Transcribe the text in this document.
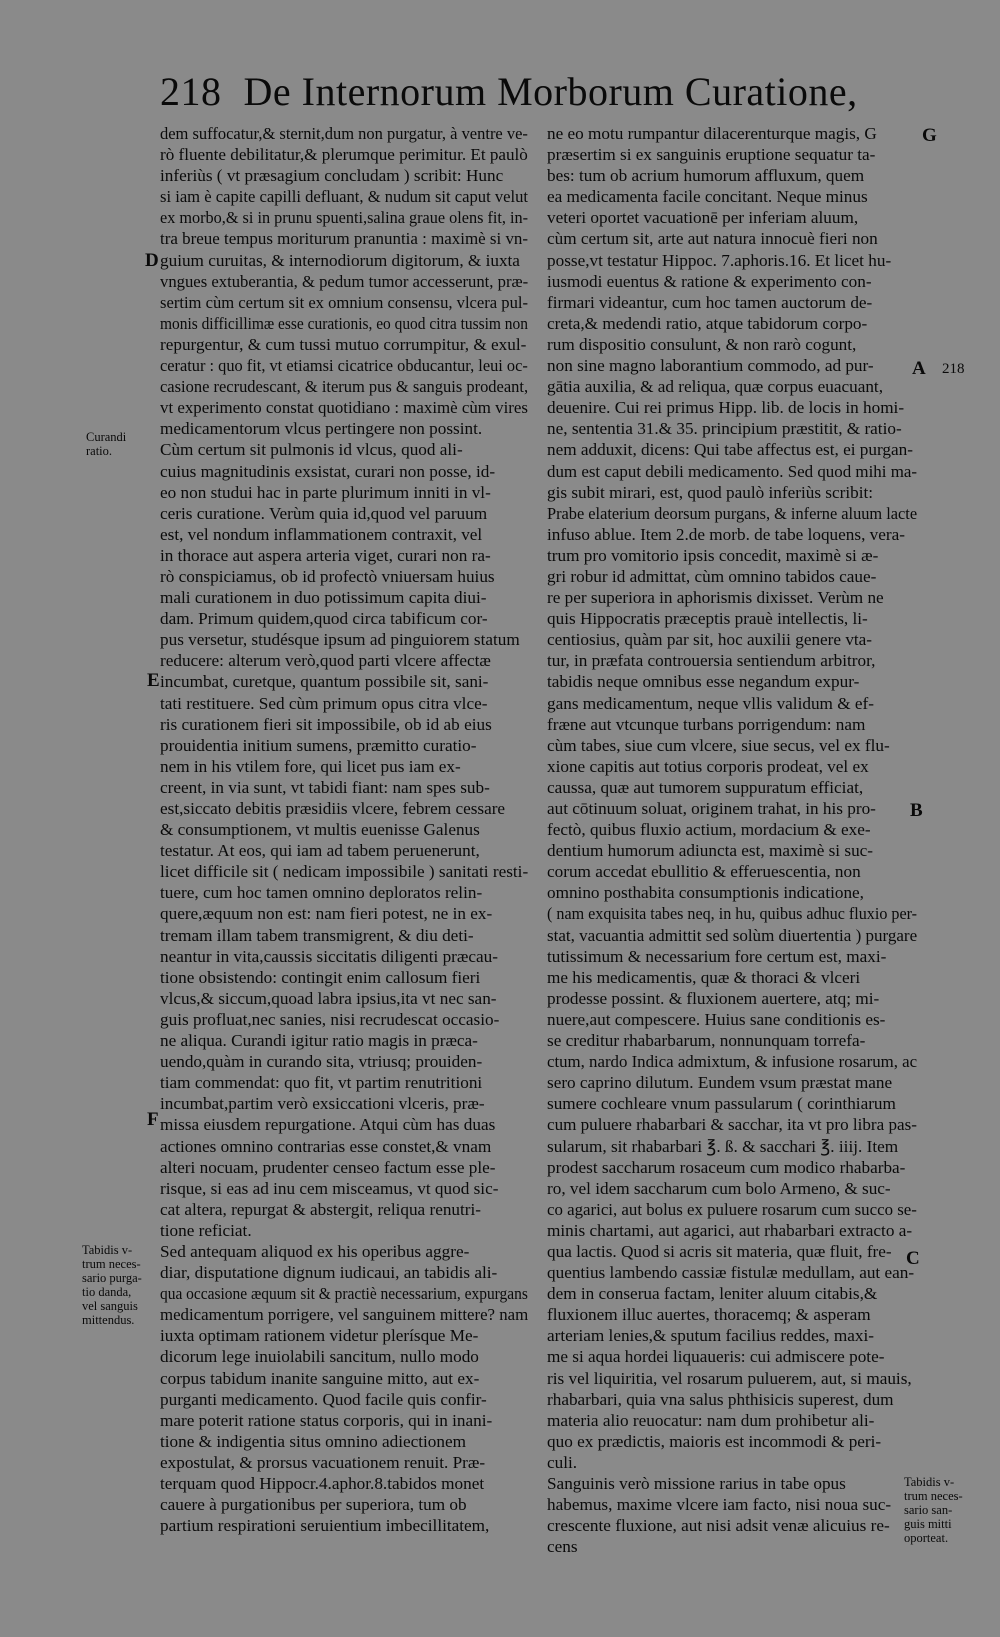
218 De Internorum Morborum Curatione,
dem suffocatur,& sternit,dum non purgatur, à ventre ve-
rò fluente debilitatur,& plerumque perimitur. Et paulò
inferiùs ( vt præsagium concludam ) scribit: Hunc
si iam è capite capilli defluant, & nudum sit caput velut
ex morbo,& si in prunu spuenti,salina graue olens fit, in-
tra breue tempus moriturum pranuntia : maximè si vn-
guium curuitas, & internodiorum digitorum, & iuxta
vngues extuberantia, & pedum tumor accesserunt, præ-
sertim cùm certum sit ex omnium consensu, vlcera pul-
monis difficillimæ esse curationis, eo quod citra tussim non
repurgentur, & cum tussi mutuo corrumpitur, & exul-
ceratur : quo fit, vt etiamsi cicatrice obducantur, leui oc-
casione recrudescant, & iterum pus & sanguis prodeant,
vt experimento constat quotidiano : maximè cùm vires
medicamentorum vlcus pertingere non possint.
Cùm certum sit pulmonis id vlcus, quod ali-
cuius magnitudinis exsistat, curari non posse, id-
eo non studui hac in parte plurimum inniti in vl-
ceris curatione. Verùm quia id,quod vel paruum
est, vel nondum inflammationem contraxit, vel
in thorace aut aspera arteria viget, curari non ra-
rò conspiciamus, ob id profectò vniuersam huius
mali curationem in duo potissimum capita diui-
dam. Primum quidem,quod circa tabificum cor-
pus versetur, studésque ipsum ad pinguiorem statum
reducere: alterum verò,quod parti vlcere affectæ
incumbat, curetque, quantum possibile sit, sani-
tati restituere. Sed cùm primum opus citra vlce-
ris curationem fieri sit impossibile, ob id ab eius
prouidentia initium sumens, præmitto curatio-
nem in his vtilem fore, qui licet pus iam ex-
creent, in via sunt, vt tabidi fiant: nam spes sub-
est,siccato debitis præsidiis vlcere, febrem cessare
& consumptionem, vt multis euenisse Galenus
testatur. At eos, qui iam ad tabem peruenerunt,
licet difficile sit ( nedicam impossibile ) sanitati resti-
tuere, cum hoc tamen omnino deploratos relin-
quere,æquum non est: nam fieri potest, ne in ex-
tremam illam tabem transmigrent, & diu deti-
neantur in vita,caussis siccitatis diligenti præcau-
tione obsistendo: contingit enim callosum fieri
vlcus,& siccum,quoad labra ipsius,ita vt nec san-
guis profluat,nec sanies, nisi recrudescat occasio-
ne aliqua. Curandi igitur ratio magis in præca-
uendo,quàm in curando sita, vtriusq; prouiden-
tiam commendat: quo fit, vt partim renutritioni
incumbat,partim verò exsiccationi vlceris, præ-
missa eiusdem repurgatione. Atqui cùm has duas
actiones omnino contrarias esse constet,& vnam
alteri nocuam, prudenter censeo factum esse ple-
risque, si eas ad inu cem misceamus, vt quod sic-
cat altera, repurgat & abstergit, reliqua renutri-
tione reficiat.
Sed antequam aliquod ex his operibus aggre-
diar, disputatione dignum iudicaui, an tabidis ali-
qua occasione æquum sit & practiè necessarium, expurgans
medicamentum porrigere, vel sanguinem mittere? nam
iuxta optimam rationem videtur plerísque Me-
dicorum lege inuiolabili sancitum, nullo modo
corpus tabidum inanite sanguine mitto, aut ex-
purganti medicamento. Quod facile quis confir-
mare poterit ratione status corporis, qui in inani-
tione & indigentia situs omnino adiectionem
expostulat, & prorsus vacuationem renuit. Præ-
terquam quod Hippocr.4.aphor.8.tabidos monet
cauere à purgationibus per superiora, tum ob
partium respirationi seruientium imbecillitatem,
ne eo motu rumpantur dilacerenturque magis, G
præsertim si ex sanguinis eruptione sequatur ta-
bes: tum ob acrium humorum affluxum, quem
ea medicamenta facile concitant. Neque minus
veteri oportet vacuationē per inferiam aluum,
cùm certum sit, arte aut natura innocuè fieri non
posse,vt testatur Hippoc. 7.aphoris.16. Et licet hu-
iusmodi euentus & ratione & experimento con-
firmari videantur, cum hoc tamen auctorum de-
creta,& medendi ratio, atque tabidorum corpo-
rum dispositio consulunt, & non rarò cogunt,
non sine magno laborantium commodo, ad pur-
gātia auxilia, & ad reliqua, quæ corpus euacuant,
deuenire. Cui rei primus Hipp. lib. de locis in homi-
ne, sententia 31.& 35. principium præstitit, & ratio-
nem adduxit, dicens: Qui tabe affectus est, ei purgan-
dum est caput debili medicamento. Sed quod mihi ma-
gis subit mirari, est, quod paulò inferiùs scribit:
Prabe elaterium deorsum purgans, & inferne aluum lacte
infuso ablue. Item 2.de morb. de tabe loquens, vera-
trum pro vomitorio ipsis concedit, maximè si æ-
gri robur id admittat, cùm omnino tabidos caue-
re per superiora in aphorismis dixisset. Verùm ne
quis Hippocratis præceptis prauè intellectis, li-
centiosius, quàm par sit, hoc auxilii genere vta-
tur, in præfata controuersia sentiendum arbitror,
tabidis neque omnibus esse negandum expur-
gans medicamentum, neque vllis validum & ef-
fræne aut vtcunque turbans porrigendum: nam
cùm tabes, siue cum vlcere, siue secus, vel ex flu-
xione capitis aut totius corporis prodeat, vel ex
caussa, quæ aut tumorem suppuratum efficiat,
aut cōtinuum soluat, originem trahat, in his pro-
fectò, quibus fluxio actium, mordacium & exe-
dentium humorum adiuncta est, maximè si suc-
corum accedat ebullitio & efferuescentia, non
omnino posthabita consumptionis indicatione,
( nam exquisita tabes neq, in hu, quibus adhuc fluxio per-
stat, vacuantia admittit sed solùm diuertentia ) purgare
tutissimum & necessarium fore certum est, maxi-
me his medicamentis, quæ & thoraci & vlceri
prodesse possint. & fluxionem auertere, atq; mi-
nuere,aut compescere. Huius sane conditionis es-
se creditur rhabarbarum, nonnunquam torrefa-
ctum, nardo Indica admixtum, & infusione rosarum, ac
sero caprino dilutum. Eundem vsum præstat mane
sumere cochleare vnum passularum ( corinthiarum
cum puluere rhabarbari & sacchar, ita vt pro libra pas-
sularum, sit rhabarbari ℥. ß. & sacchari ℥. iiij. Item
prodest saccharum rosaceum cum modico rhabarba-
ro, vel idem saccharum cum bolo Armeno, & suc-
co agarici, aut bolus ex puluere rosarum cum succo se-
minis chartami, aut agarici, aut rhabarbari extracto a-
qua lactis. Quod si acris sit materia, quæ fluit, fre-
quentius lambendo cassiæ fistulæ medullam, aut ean-
dem in conserua factam, leniter aluum citabis,&
fluxionem illuc auertes, thoracemq; & asperam
arteriam lenies,& sputum facilius reddes, maxi-
me si aqua hordei liquaueris: cui admiscere pote-
ris vel liquiritia, vel rosarum puluerem, aut, si mauis,
rhabarbari, quia vna salus phthisicis superest, dum
materia alio reuocatur: nam dum prohibetur ali-
quo ex prædictis, maioris est incommodi & peri-
culi.
Sanguinis verò missione rarius in tabe opus
habemus, maxime vlcere iam facto, nisi noua suc-
crescente fluxione, aut nisi adsit venæ alicuius re-
cens
Curandi
ratio.
Tabidis v-
trum neces-
sario purga-
tio danda,
vel sanguis
mittendus.
Tabidis v-
trum neces-
sario san-
guis mitti
oporteat.
218
D
E
F
G
A
B
C
